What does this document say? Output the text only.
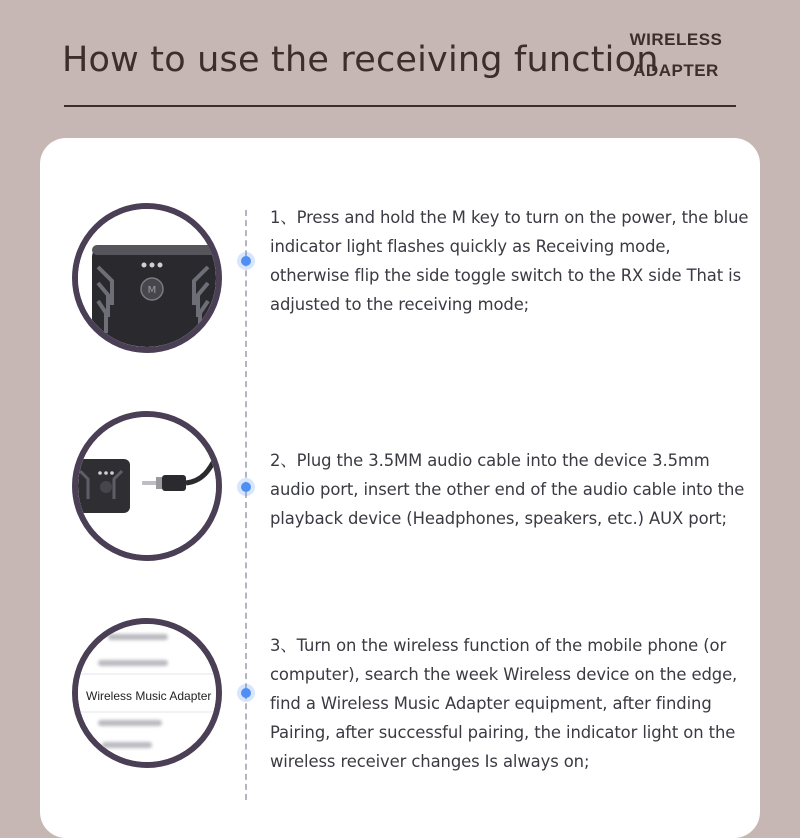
How to use the receiving function
WIRELESS
ADAPTER
M
1、Press and hold the M key to turn on the power, the blue indicator light flashes quickly as Receiving mode, otherwise flip the side toggle switch to the RX side That is adjusted to the receiving mode;
2、Plug the 3.5MM audio cable into the device 3.5mm audio port, insert the other end of the audio cable into the playback device (Headphones, speakers, etc.) AUX port;
Wireless Music Adapter
3、Turn on the wireless function of the mobile phone (or computer), search the week Wireless device on the edge, find a Wireless Music Adapter equipment, after finding Pairing, after successful pairing, the indicator light on the wireless receiver changes Is always on;
